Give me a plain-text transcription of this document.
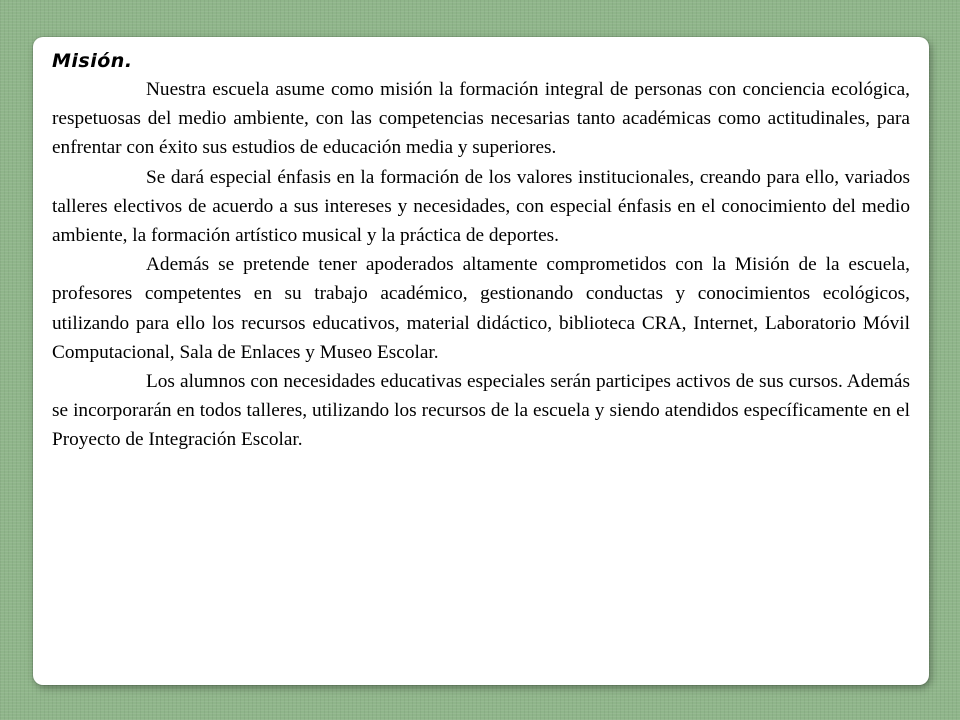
Misión.

Nuestra escuela asume como misión la formación integral de personas con conciencia ecológica, respetuosas del medio ambiente, con las competencias necesarias tanto académicas como actitudinales, para enfrentar con éxito sus estudios de educación media y superiores.

Se dará especial énfasis en la formación de los valores institucionales, creando para ello, variados talleres electivos de acuerdo a sus intereses y necesidades, con especial énfasis en el conocimiento del medio ambiente, la formación artístico musical y la práctica de deportes.

Además se pretende tener apoderados altamente comprometidos con la Misión de la escuela, profesores competentes en su trabajo académico, gestionando conductas y conocimientos ecológicos, utilizando para ello los recursos educativos, material didáctico, biblioteca CRA, Internet, Laboratorio Móvil Computacional, Sala de Enlaces y Museo Escolar.

Los alumnos con necesidades educativas especiales serán participes activos de sus cursos. Además se incorporarán en todos talleres, utilizando los recursos de la escuela y siendo atendidos específicamente en el Proyecto de Integración Escolar.
